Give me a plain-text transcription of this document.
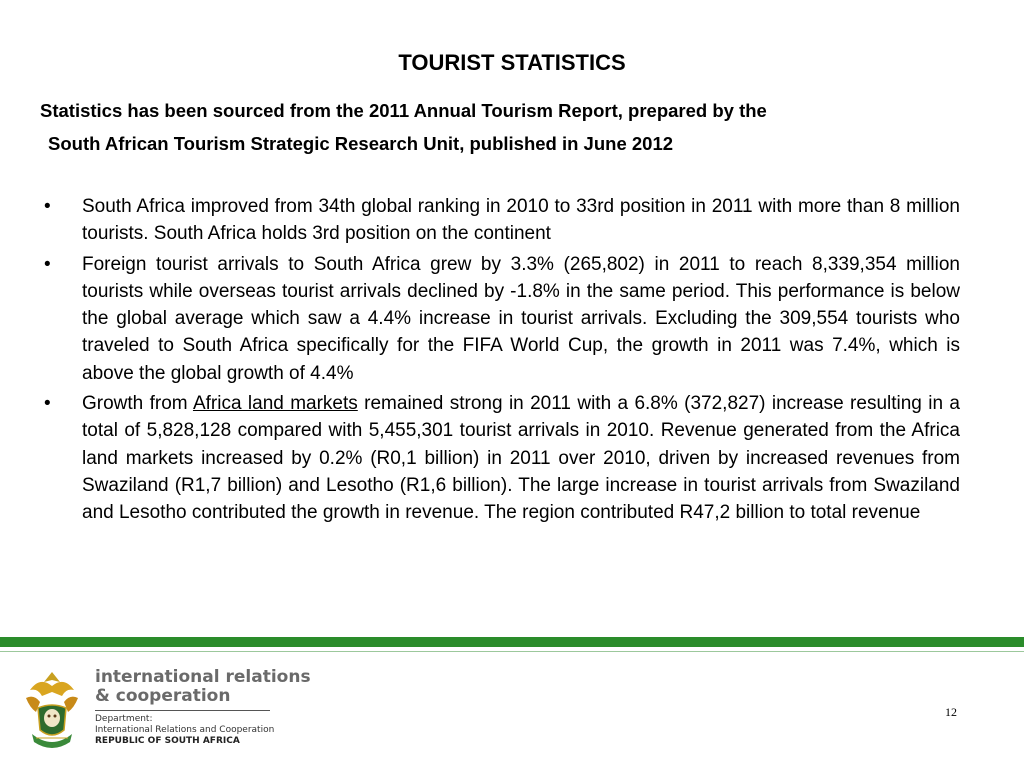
TOURIST STATISTICS

Statistics has been sourced from the 2011 Annual Tourism Report, prepared by the
South African Tourism Strategic Research Unit, published in June 2012

• South Africa improved from 34th global ranking in 2010 to 33rd position in 2011 with more than 8 million tourists. South Africa holds 3rd position on the continent
• Foreign tourist arrivals to South Africa grew by 3.3% (265,802) in 2011 to reach 8,339,354 million tourists while overseas tourist arrivals declined by -1.8% in the same period. This performance is below the global average which saw a 4.4% increase in tourist arrivals. Excluding the 309,554 tourists who traveled to South Africa specifically for the FIFA World Cup, the growth in 2011 was 7.4%, which is above the global growth of 4.4%
• Growth from Africa land markets remained strong in 2011 with a 6.8% (372,827) increase resulting in a total of 5,828,128 compared with 5,455,301 tourist arrivals in 2010. Revenue generated from the Africa land markets increased by 0.2% (R0,1 billion) in 2011 over 2010, driven by increased revenues from Swaziland (R1,7 billion) and Lesotho (R1,6 billion). The large increase in tourist arrivals from Swaziland and Lesotho contributed the growth in revenue. The region contributed R47,2 billion to total revenue
international relations
& cooperation
Department:
International Relations and Cooperation
REPUBLIC OF SOUTH AFRICA
12
